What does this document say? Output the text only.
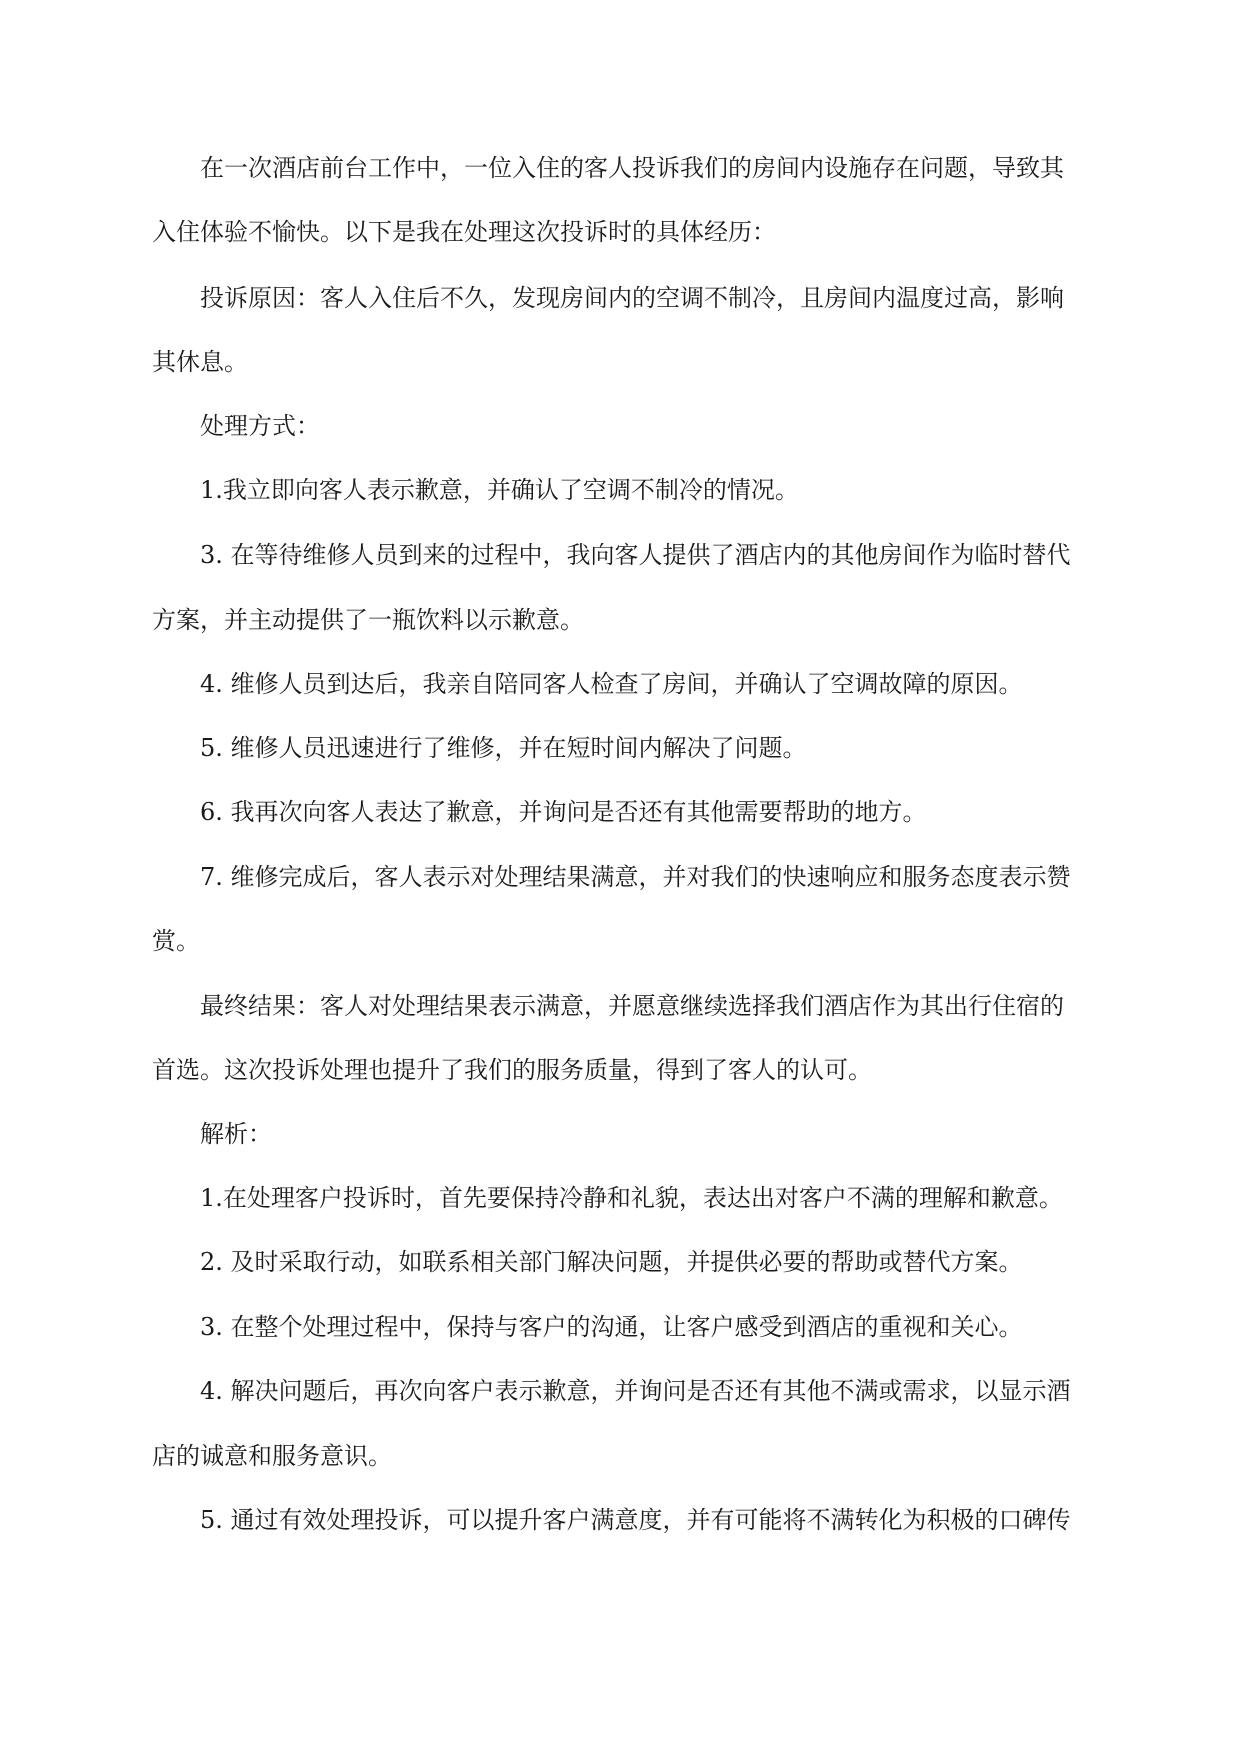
在一次酒店前台工作中，一位入住的客人投诉我们的房间内设施存在问题，导致其
入住体验不愉快。以下是我在处理这次投诉时的具体经历：
投诉原因：客人入住后不久，发现房间内的空调不制冷，且房间内温度过高，影响
其休息。
处理方式：
1.我立即向客人表示歉意，并确认了空调不制冷的情况。
3. 在等待维修人员到来的过程中，我向客人提供了酒店内的其他房间作为临时替代
方案，并主动提供了一瓶饮料以示歉意。
4. 维修人员到达后，我亲自陪同客人检查了房间，并确认了空调故障的原因。
5. 维修人员迅速进行了维修，并在短时间内解决了问题。
6. 我再次向客人表达了歉意，并询问是否还有其他需要帮助的地方。
7. 维修完成后，客人表示对处理结果满意，并对我们的快速响应和服务态度表示赞
赏。
最终结果：客人对处理结果表示满意，并愿意继续选择我们酒店作为其出行住宿的
首选。这次投诉处理也提升了我们的服务质量，得到了客人的认可。
解析：
1.在处理客户投诉时，首先要保持冷静和礼貌，表达出对客户不满的理解和歉意。
2. 及时采取行动，如联系相关部门解决问题，并提供必要的帮助或替代方案。
3. 在整个处理过程中，保持与客户的沟通，让客户感受到酒店的重视和关心。
4. 解决问题后，再次向客户表示歉意，并询问是否还有其他不满或需求，以显示酒
店的诚意和服务意识。
5. 通过有效处理投诉，可以提升客户满意度，并有可能将不满转化为积极的口碑传
